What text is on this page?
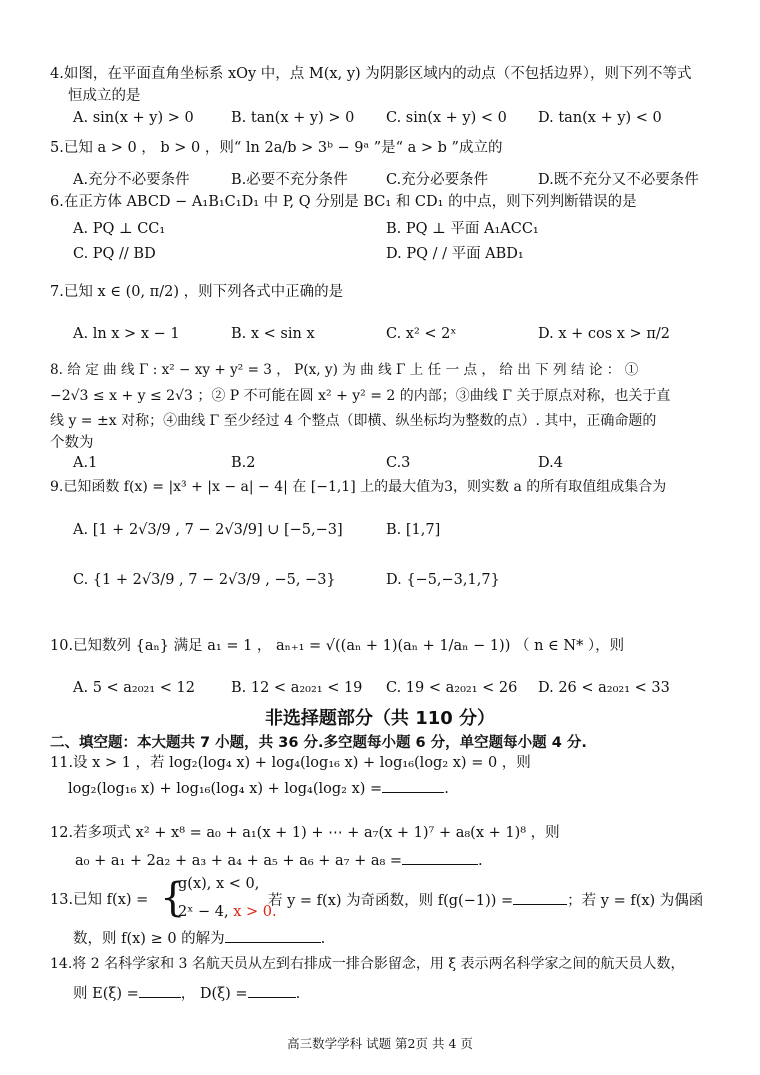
4.如图，在平面直角坐标系 xOy 中，点 M(x, y) 为阴影区域内的动点（不包括边界），则下列不等式
恒成立的是
A. sin(x + y) > 0	B. tan(x + y) > 0 C. sin(x + y) < 0 D. tan(x + y) < 0
5.已知 a > 0 ， b > 0 ，则“ ln 2a/b > 3ᵇ − 9ᵃ ”是“ a > b ”成立的
A.充分不必要条件	B.必要不充分条件	C.充分必要条件	D.既不充分又不必要条件
6.在正方体 ABCD − A₁B₁C₁D₁ 中 P, Q 分别是 BC₁ 和 CD₁ 的中点，则下列判断错误的是
A. PQ ⊥ CC₁	B. PQ ⊥ 平面 A₁ACC₁
C. PQ // BD	D. PQ / / 平面 ABD₁
7.已知 x ∈ (0, π/2) ，则下列各式中正确的是
A. ln x > x − 1	B. x < sin x	C. x² < 2ˣ	D. x + cos x > π/2
8. 给 定 曲 线 Γ : x² − xy + y² = 3 ， P(x, y) 为 曲 线 Γ 上 任 一 点 ， 给 出 下 列 结 论 ： ①
−2√3 ≤ x + y ≤ 2√3 ；② P 不可能在圆 x² + y² = 2 的内部；③曲线 Γ 关于原点对称，也关于直
线 y = ±x 对称；④曲线 Γ 至少经过 4 个整点（即横、纵坐标均为整数的点）. 其中，正确命题的
个数为
A.1	B.2	C.3	D.4
9.已知函数 f(x) = |x³ + |x − a| − 4| 在 [−1,1] 上的最大值为3，则实数 a 的所有取值组成集合为
A. [1 + 2√3/9 , 7 − 2√3/9] ∪ [−5,−3]	B. [1,7]
C. {1 + 2√3/9 , 7 − 2√3/9 , −5, −3}	D. {−5,−3,1,7}
10.已知数列 {aₙ} 满足 a₁ = 1 ， aₙ₊₁ = √((aₙ + 1)(aₙ + 1/aₙ − 1)) （ n ∈ N* ），则
A. 5 < a₂₀₂₁ < 12 B. 12 < a₂₀₂₁ < 19 C. 19 < a₂₀₂₁ < 26 D. 26 < a₂₀₂₁ < 33
非选择题部分（共 110 分）
二、填空题：本大题共 7 小题，共 36 分.多空题每小题 6 分，单空题每小题 4 分.
11.设 x > 1 ，若 log₂(log₄ x) + log₄(log₁₆ x) + log₁₆(log₂ x) = 0 ，则
log₂(log₁₆ x) + log₁₆(log₄ x) + log₄(log₂ x) =	.
12.若多项式 x² + x⁸ = a₀ + a₁(x + 1) + ⋯ + a₇(x + 1)⁷ + a₈(x + 1)⁸ ，则
a₀ + a₁ + 2a₂ + a₃ + a₄ + a₅ + a₆ + a₇ + a₈ =	.
13.已知 f(x) = {
g(x), x < 0,
2ˣ − 4, x > 0.
若 y = f(x) 为奇函数，则 f(g(−1)) =	；若 y = f(x) 为偶函
数，则 f(x) ≥ 0 的解为	.
14.将 2 名科学家和 3 名航天员从左到右排成一排合影留念，用 ξ 表示两名科学家之间的航天员人数，
则 E(ξ) =	， D(ξ) =	.
高三数学学科 试题 第2页 共 4 页
